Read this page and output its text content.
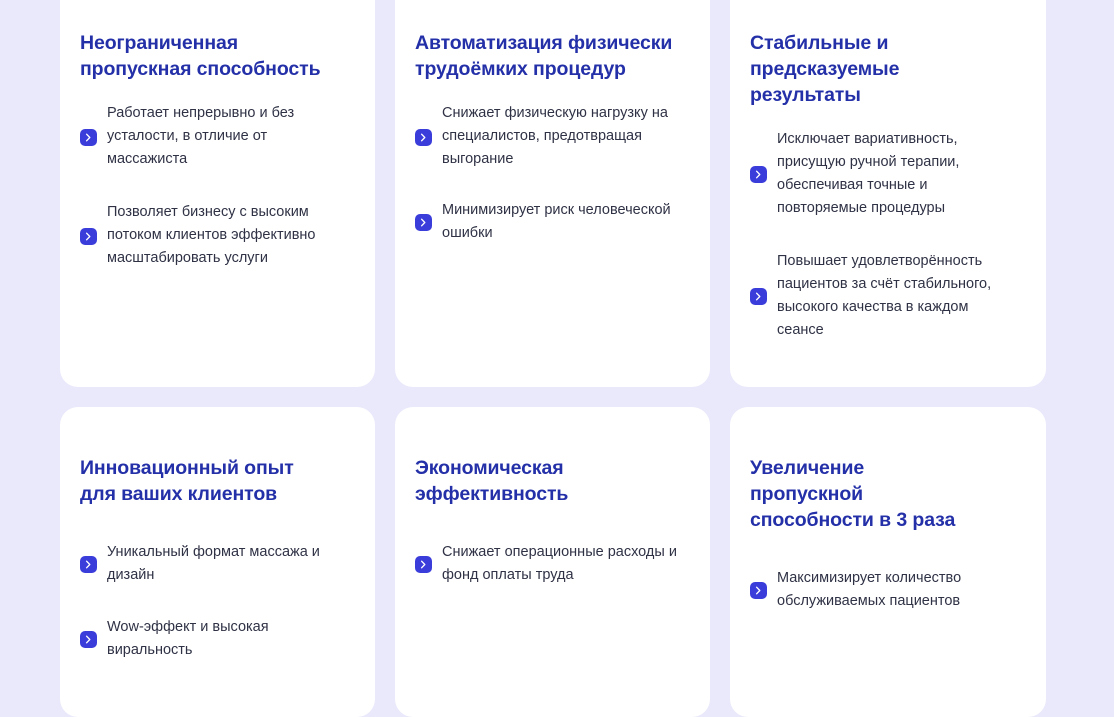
Неограниченная пропускная способность
Работает непрерывно и без усталости, в отличие от массажиста
Позволяет бизнесу с высоким потоком клиентов эффективно масштабировать услуги
Автоматизация физически трудоёмких процедур
Снижает физическую нагрузку на специалистов, предотвращая выгорание
Минимизирует риск человеческой ошибки
Стабильные и предсказуемые результаты
Исключает вариативность, присущую ручной терапии, обеспечивая точные и повторяемые процедуры
Повышает удовлетворённость пациентов за счёт стабильного, высокого качества в каждом сеансе
Инновационный опыт для ваших клиентов
Уникальный формат массажа и дизайн
Wow-эффект и высокая виральность
Экономическая эффективность
Снижает операционные расходы и фонд оплаты труда
Увеличение пропускной способности в 3 раза
Максимизирует количество обслуживаемых пациентов
